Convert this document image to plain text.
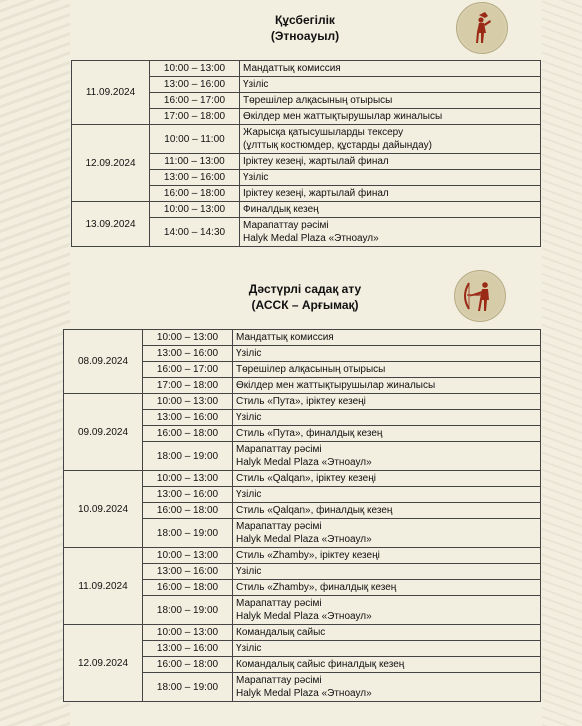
Құсбегілік
(Этноауыл)
11.09.2024	10:00 – 13:00	Мандаттық комиссия

	13:00 – 16:00	Үзіліс

	16:00 – 17:00	Төрешілер алқасының отырысы

	17:00 – 18:00	Өкілдер мен жаттықтырушылар жиналысы

12.09.2024	10:00 – 11:00	Жарысқа қатысушыларды тексеру
(ұлттық костюмдер, құстарды дайындау)

	11:00 – 13:00	Іріктеу кезеңі, жартылай финал

	13:00 – 16:00	Үзіліс

	16:00 – 18:00	Іріктеу кезеңі, жартылай финал

13.09.2024	10:00 – 13:00	Финалдық кезең

	14:00 – 14:30	Марапаттау рәсімі
Halyk Medal Plaza «Этноаул»
Дәстүрлі садақ ату
(АССК – Арғымақ)
08.09.2024	10:00 – 13:00	Мандаттық комиссия

	13:00 – 16:00	Үзіліс

	16:00 – 17:00	Төрешілер алқасының отырысы

	17:00 – 18:00	Өкілдер мен жаттықтырушылар жиналысы

09.09.2024	10:00 – 13:00	Стиль «Пута», іріктеу кезеңі

	13:00 – 16:00	Үзіліс

	16:00 – 18:00	Стиль «Пута», финалдық кезең

	18:00 – 19:00	Марапаттау рәсімі
Halyk Medal Plaza «Этноаул»

10.09.2024	10:00 – 13:00	Стиль «Qalqan», іріктеу кезеңі

	13:00 – 16:00	Үзіліс

	16:00 – 18:00	Стиль «Qalqan», финалдық кезең

	18:00 – 19:00	Марапаттау рәсімі
Halyk Medal Plaza «Этноаул»

11.09.2024	10:00 – 13:00	Стиль «Zhamby», іріктеу кезеңі

	13:00 – 16:00	Үзіліс

	16:00 – 18:00	Стиль «Zhamby», финалдық кезең

	18:00 – 19:00	Марапаттау рәсімі
Halyk Medal Plaza «Этноаул»

12.09.2024	10:00 – 13:00	Командалық сайыс

	13:00 – 16:00	Үзіліс

	16:00 – 18:00	Командалық сайыс финалдық кезең

	18:00 – 19:00	Марапаттау рәсімі
Halyk Medal Plaza «Этноаул»
